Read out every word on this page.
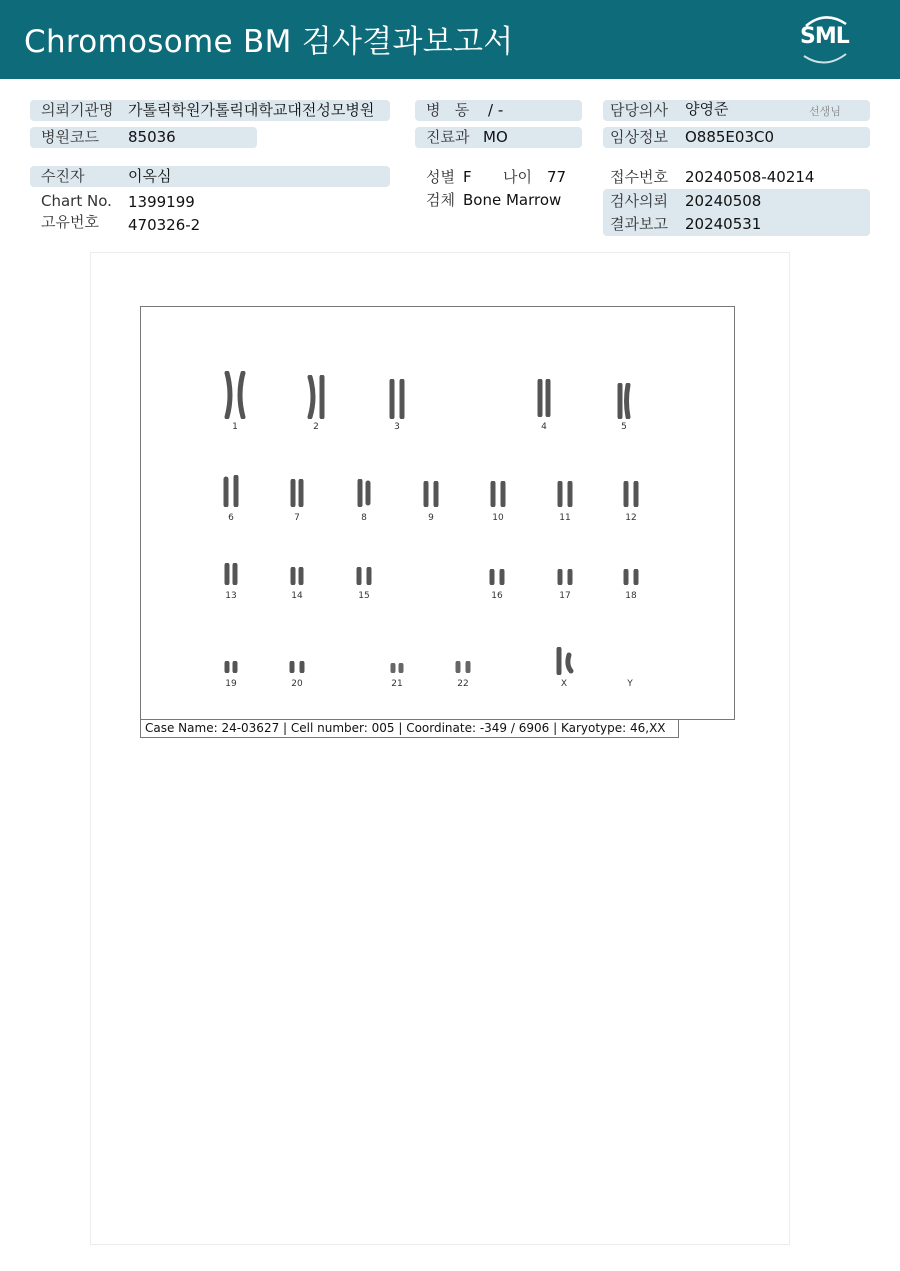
Chromosome BM 검사결과보고서	SML
의뢰기관명 가톨릭학원가톨릭대학교대전성모병원
병원코드 85036
수진자	이옥심
Chart No. 1399199
고유번호 470326-2
병   동 / -
진료과 MO
성별 F 나이 77
검체 Bone Marrow
담당의사 양영준	선생님
임상정보 O885E03C0
접수번호 20240508-40214
검사의뢰 20240508
결과보고 20240531
1	2	3	4	5
6	7	8	9	10	11	12
13	14	15	16	17	18
19	20	21	22	X	Y
Case Name: 24-03627 | Cell number: 005 | Coordinate: -349 / 6906 | Karyotype: 46,XX
